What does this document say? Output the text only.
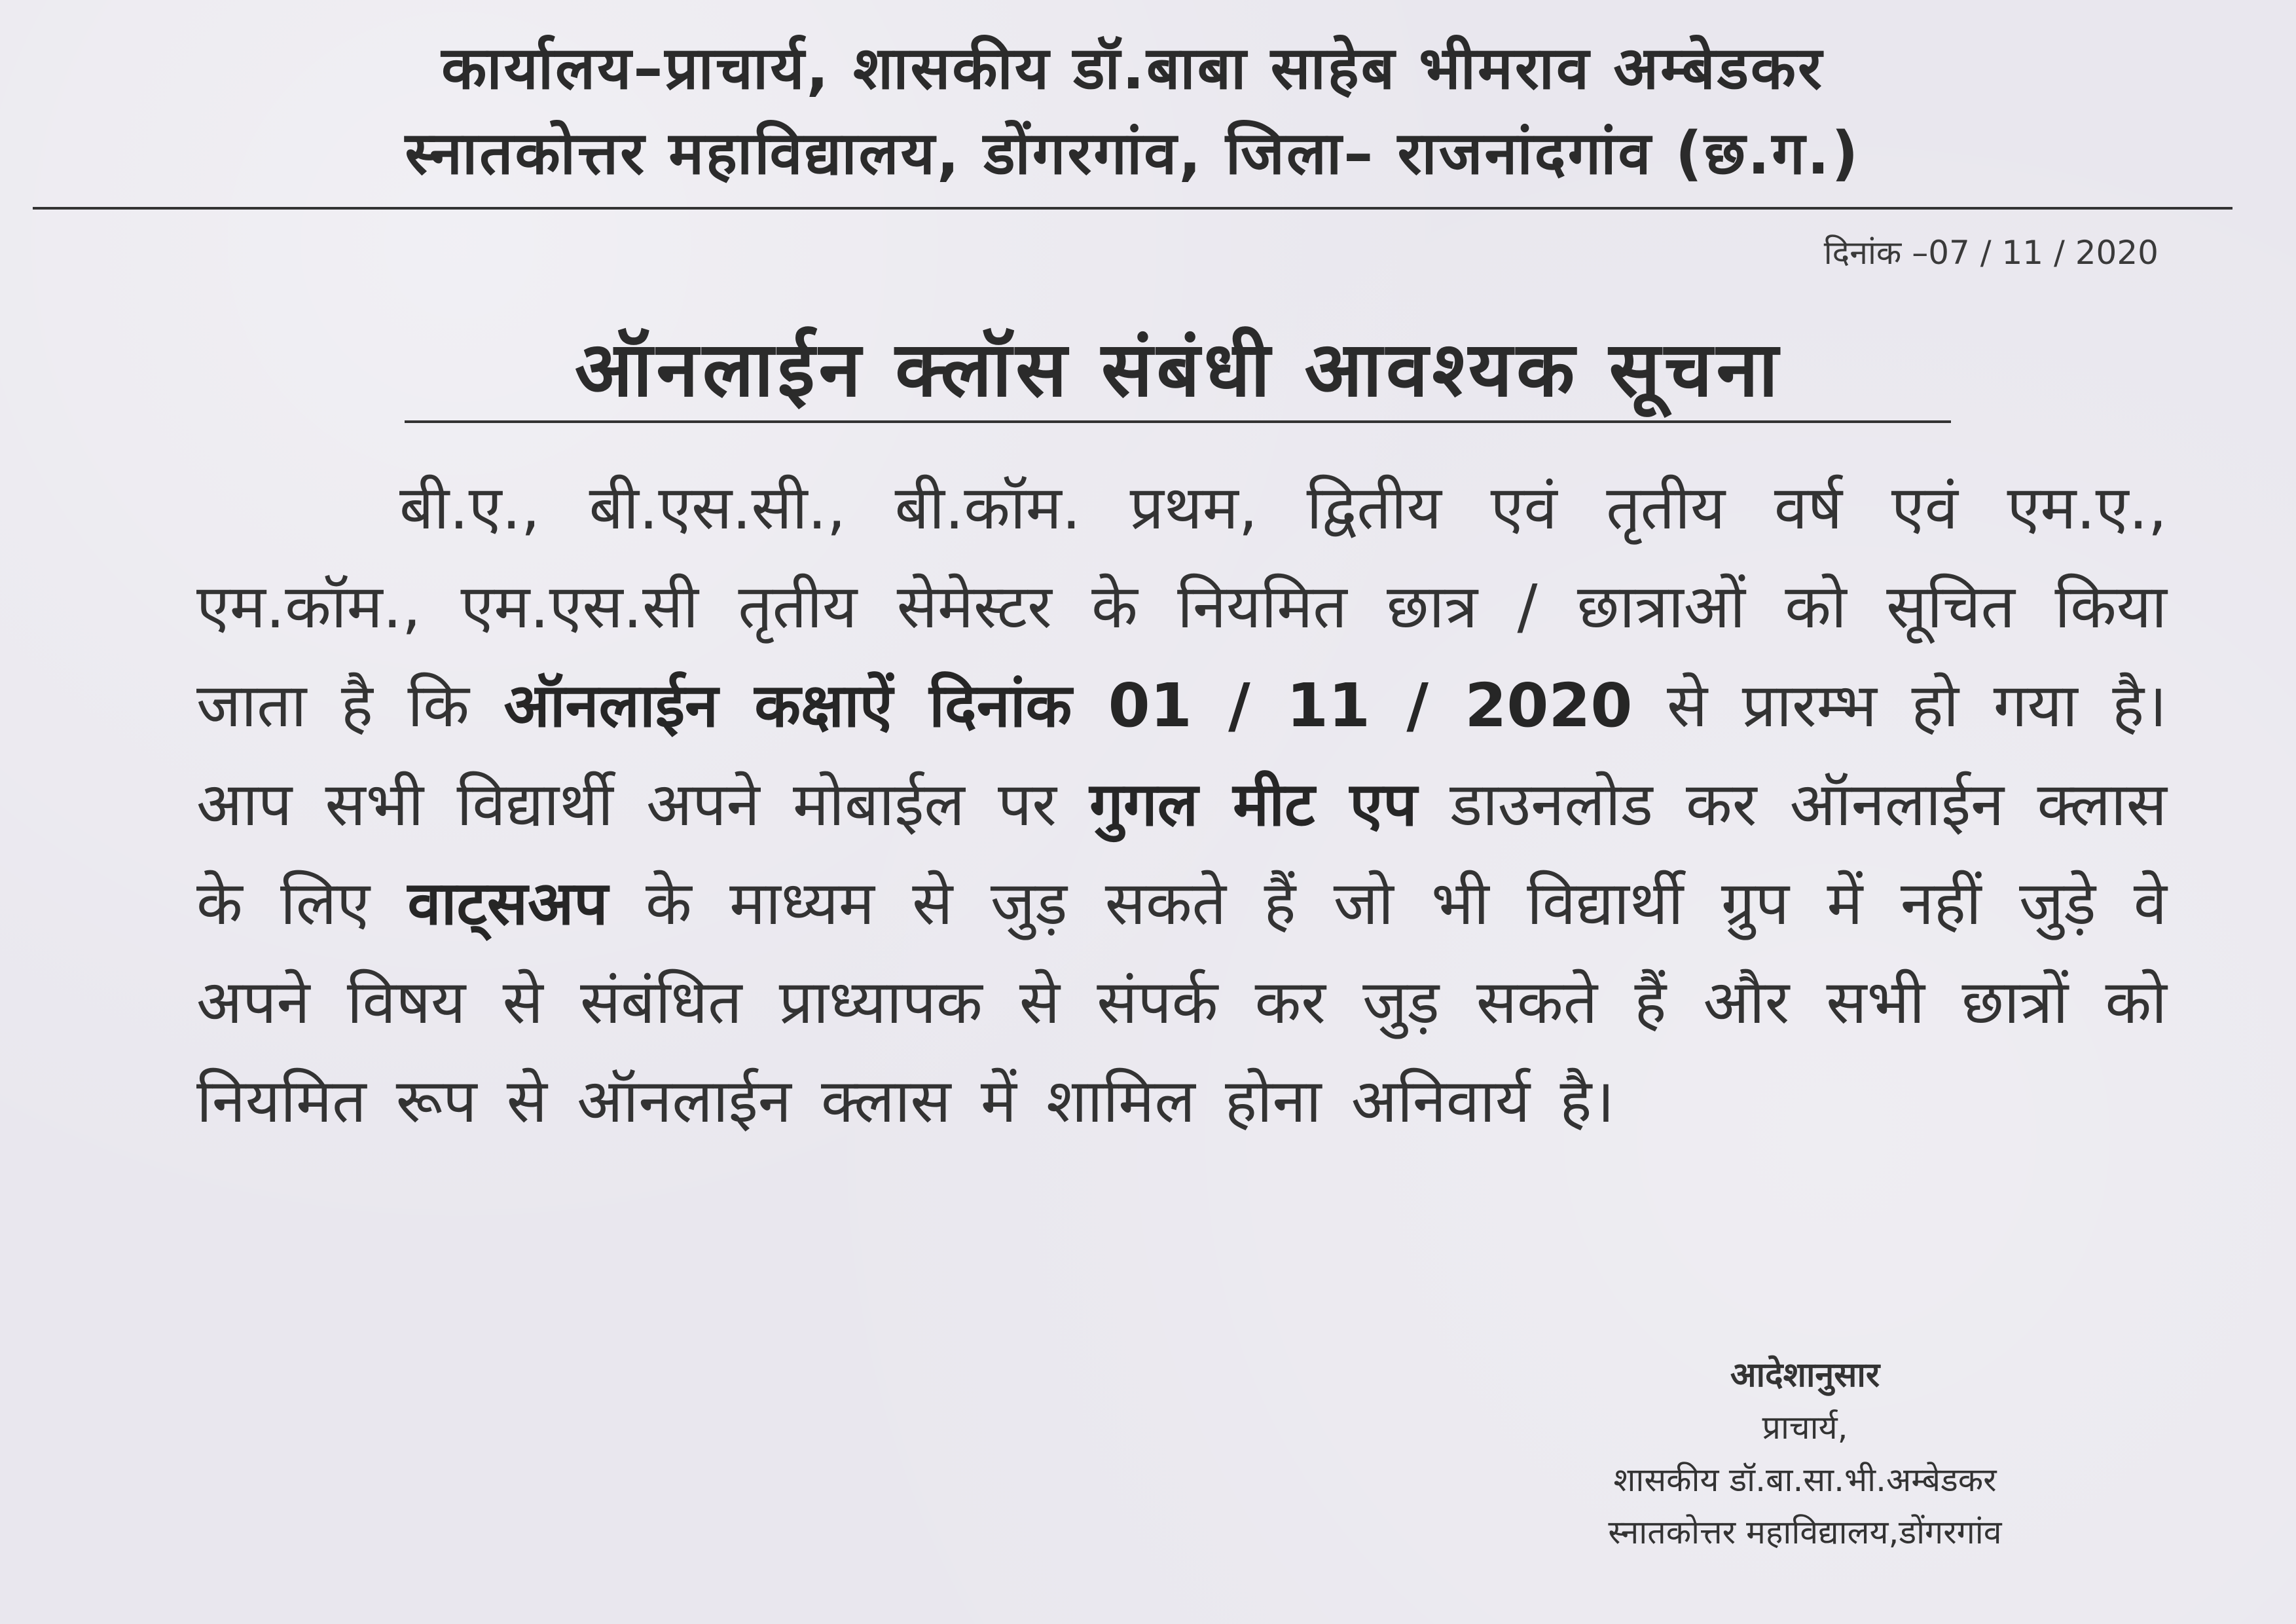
कार्यालय–प्राचार्य, शासकीय डॉ.बाबा साहेब भीमराव अम्बेडकर
स्नातकोत्तर महाविद्यालय, डोंगरगांव, जिला– राजनांदगांव (छ.ग.)
दिनांक –07 / 11 / 2020
ऑनलाईन क्लॉस संबंधी आवश्यक सूचना

बी.ए., बी.एस.सी., बी.कॉम. प्रथम, द्वितीय एवं तृतीय वर्ष एवं एम.ए., एम.कॉम., एम.एस.सी तृतीय सेमेस्टर के नियमित छात्र / छात्राओं को सूचित किया जाता है कि ऑनलाईन कक्षाऐं दिनांक 01 / 11 / 2020 से प्रारम्भ हो गया है। आप सभी विद्यार्थी अपने मोबाईल पर गुगल मीट एप डाउनलोड कर ऑनलाईन क्लास के लिए वाट्सअप के माध्यम से जुड़ सकते हैं जो भी विद्यार्थी ग्रुप में नहीं जुड़े वे अपने विषय से संबंधित प्राध्यापक से संपर्क कर जुड़ सकते हैं और सभी छात्रों को नियमित रूप से ऑनलाईन क्लास में शामिल होना अनिवार्य है।

आदेशानुसार
प्राचार्य,
शासकीय डॉ.बा.सा.भी.अम्बेडकर
स्नातकोत्तर महाविद्यालय,डोंगरगांव
